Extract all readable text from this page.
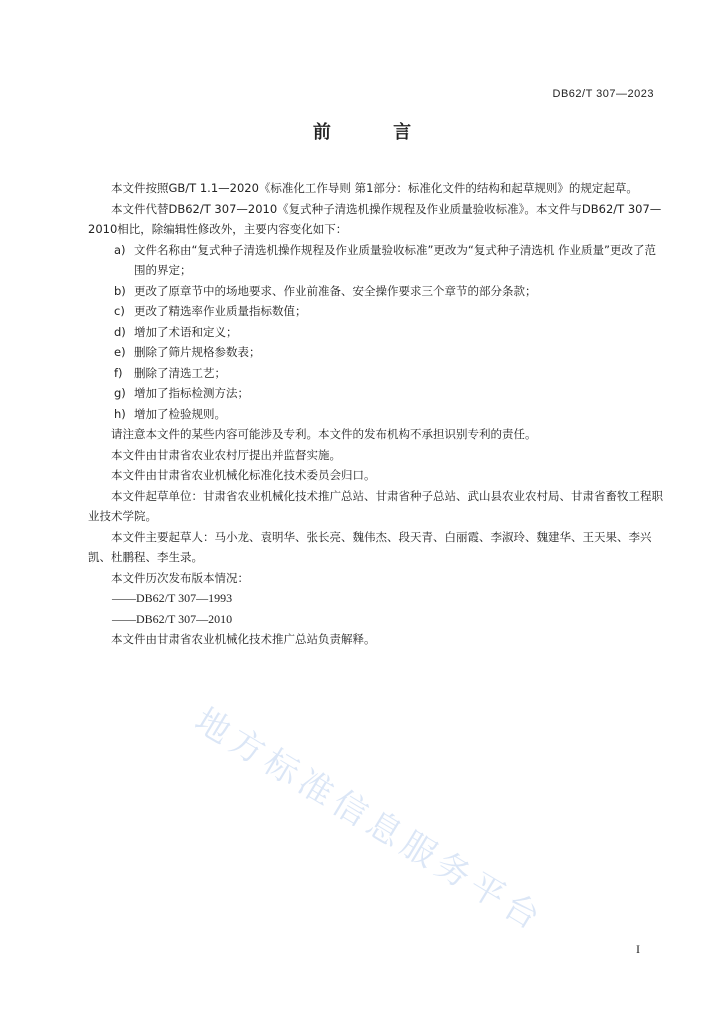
DB62/T 307—2023
前 言

本文件按照GB/T 1.1—2020《标准化工作导则 第1部分：标准化文件的结构和起草规则》的规定起草。

本文件代替DB62/T 307—2010《复式种子清选机操作规程及作业质量验收标准》。本文件与DB62/T 307—2010相比，除编辑性修改外，主要内容变化如下：

a) 文件名称由“复式种子清选机操作规程及作业质量验收标准”更改为“复式种子清选机 作业质量”更改了范围的界定；

b) 更改了原章节中的场地要求、作业前准备、安全操作要求三个章节的部分条款；

c) 更改了精选率作业质量指标数值；

d) 增加了术语和定义；

e) 删除了筛片规格参数表；

f) 删除了清选工艺；

g) 增加了指标检测方法；

h) 增加了检验规则。

请注意本文件的某些内容可能涉及专利。本文件的发布机构不承担识别专利的责任。

本文件由甘肃省农业农村厅提出并监督实施。

本文件由甘肃省农业机械化标准化技术委员会归口。

本文件起草单位：甘肃省农业机械化技术推广总站、甘肃省种子总站、武山县农业农村局、甘肃省畜牧工程职业技术学院。

本文件主要起草人：马小龙、袁明华、张长亮、魏伟杰、段天青、白丽霞、李淑玲、魏建华、王天果、李兴凯、杜鹏程、李生录。

本文件历次发布版本情况：

——DB62/T 307—1993

——DB62/T 307—2010

本文件由甘肃省农业机械化技术推广总站负责解释。

地方标准信息服务平台
I
